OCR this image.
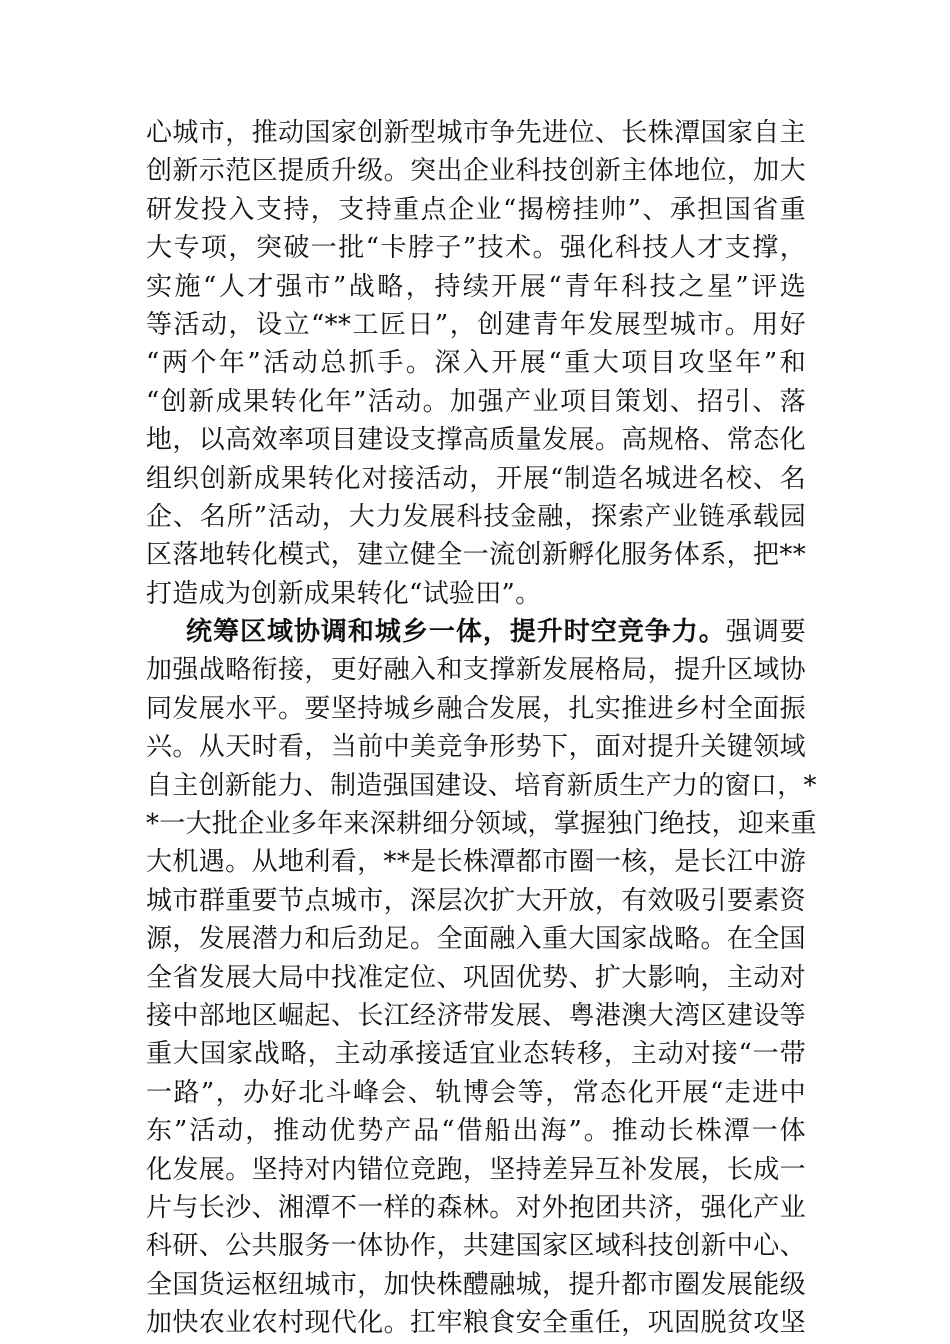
心城市，推动国家创新型城市争先进位、长株潭国家自主
创新示范区提质升级。突出企业科技创新主体地位，加大
研发投入支持，支持重点企业“揭榜挂帅”、承担国省重
大专项，突破一批“卡脖子”技术。强化科技人才支撑，
实施“人才强市”战略，持续开展“青年科技之星”评选
等活动，设立“**工匠日”，创建青年发展型城市。用好
“两个年”活动总抓手。深入开展“重大项目攻坚年”和
“创新成果转化年”活动。加强产业项目策划、招引、落
地，以高效率项目建设支撑高质量发展。高规格、常态化
组织创新成果转化对接活动，开展“制造名城进名校、名
企、名所”活动，大力发展科技金融，探索产业链承载园
区落地转化模式，建立健全一流创新孵化服务体系，把**
打造成为创新成果转化“试验田”。
统筹区域协调和城乡一体，提升时空竞争力。强调要
加强战略衔接，更好融入和支撑新发展格局，提升区域协
同发展水平。要坚持城乡融合发展，扎实推进乡村全面振
兴。从天时看，当前中美竞争形势下，面对提升关键领域
自主创新能力、制造强国建设、培育新质生产力的窗口，*
*一大批企业多年来深耕细分领域，掌握独门绝技，迎来重
大机遇。从地利看，**是长株潭都市圈一核，是长江中游
城市群重要节点城市，深层次扩大开放，有效吸引要素资
源，发展潜力和后劲足。全面融入重大国家战略。在全国
全省发展大局中找准定位、巩固优势、扩大影响，主动对
接中部地区崛起、长江经济带发展、粤港澳大湾区建设等
重大国家战略，主动承接适宜业态转移，主动对接“一带
一路”，办好北斗峰会、轨博会等，常态化开展“走进中
东”活动，推动优势产品“借船出海”。推动长株潭一体
化发展。坚持对内错位竞跑，坚持差异互补发展，长成一
片与长沙、湘潭不一样的森林。对外抱团共济，强化产业
科研、公共服务一体协作，共建国家区域科技创新中心、
全国货运枢纽城市，加快株醴融城，提升都市圈发展能级
加快农业农村现代化。扛牢粮食安全重任，巩固脱贫攻坚
